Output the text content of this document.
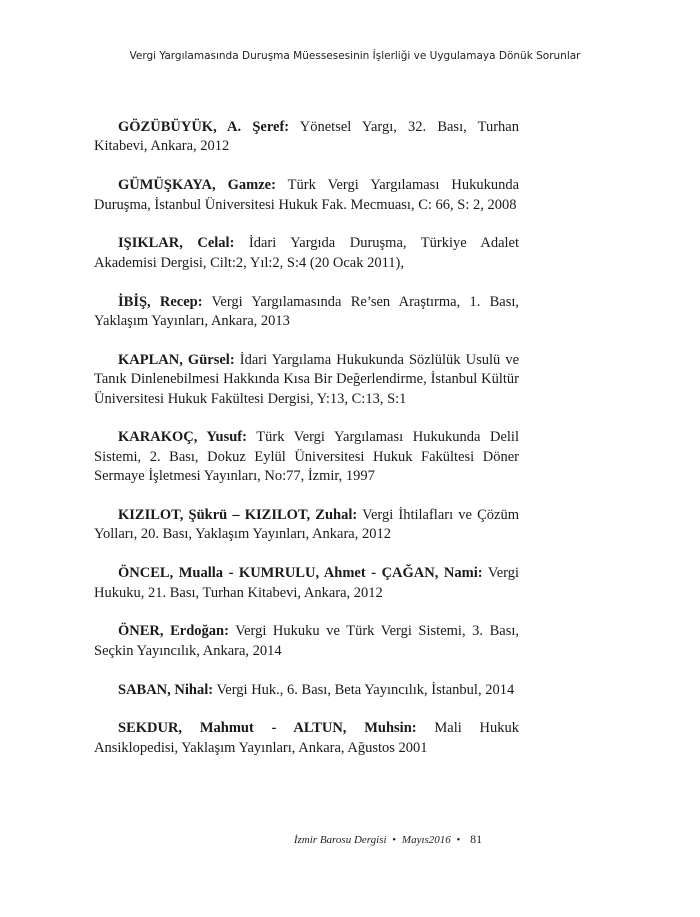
Vergi Yargılamasında Duruşma Müessesesinin İşlerliği ve Uygulamaya Dönük Sorunlar

GÖZÜBÜYÜK, A. Şeref: Yönetsel Yargı, 32. Bası, Turhan Kitabevi, Ankara, 2012

GÜMÜŞKAYA, Gamze: Türk Vergi Yargılaması Hukukunda Duruşma, İstanbul Üniversitesi Hukuk Fak. Mecmuası, C: 66, S: 2, 2008

IŞIKLAR, Celal: İdari Yargıda Duruşma, Türkiye Adalet Akademisi Dergisi, Cilt:2, Yıl:2, S:4 (20 Ocak 2011),

İBİŞ, Recep: Vergi Yargılamasında Re’sen Araştırma, 1. Bası, Yaklaşım Yayınları, Ankara, 2013

KAPLAN, Gürsel: İdari Yargılama Hukukunda Sözlülük Usulü ve Tanık Dinlenebilmesi Hakkında Kısa Bir Değerlendirme, İstanbul Kültür Üniversitesi Hukuk Fakültesi Dergisi, Y:13, C:13, S:1

KARAKOÇ, Yusuf: Türk Vergi Yargılaması Hukukunda Delil Sistemi, 2. Bası, Dokuz Eylül Üniversitesi Hukuk Fakültesi Döner Sermaye İşletmesi Yayınları, No:77, İzmir, 1997

KIZILOT, Şükrü – KIZILOT, Zuhal: Vergi İhtilafları ve Çözüm Yolları, 20. Bası, Yaklaşım Yayınları, Ankara, 2012

ÖNCEL, Mualla - KUMRULU, Ahmet - ÇAĞAN, Nami: Vergi Hukuku, 21. Bası, Turhan Kitabevi, Ankara, 2012

ÖNER, Erdoğan: Vergi Hukuku ve Türk Vergi Sistemi, 3. Bası, Seçkin Yayıncılık, Ankara, 2014

SABAN, Nihal: Vergi Huk., 6. Bası, Beta Yayıncılık, İstanbul, 2014

SEKDUR, Mahmut - ALTUN, Muhsin: Mali Hukuk Ansiklopedisi, Yaklaşım Yayınları, Ankara, Ağustos 2001

İzmir Barosu Dergisi • Mayıs2016 • 81
